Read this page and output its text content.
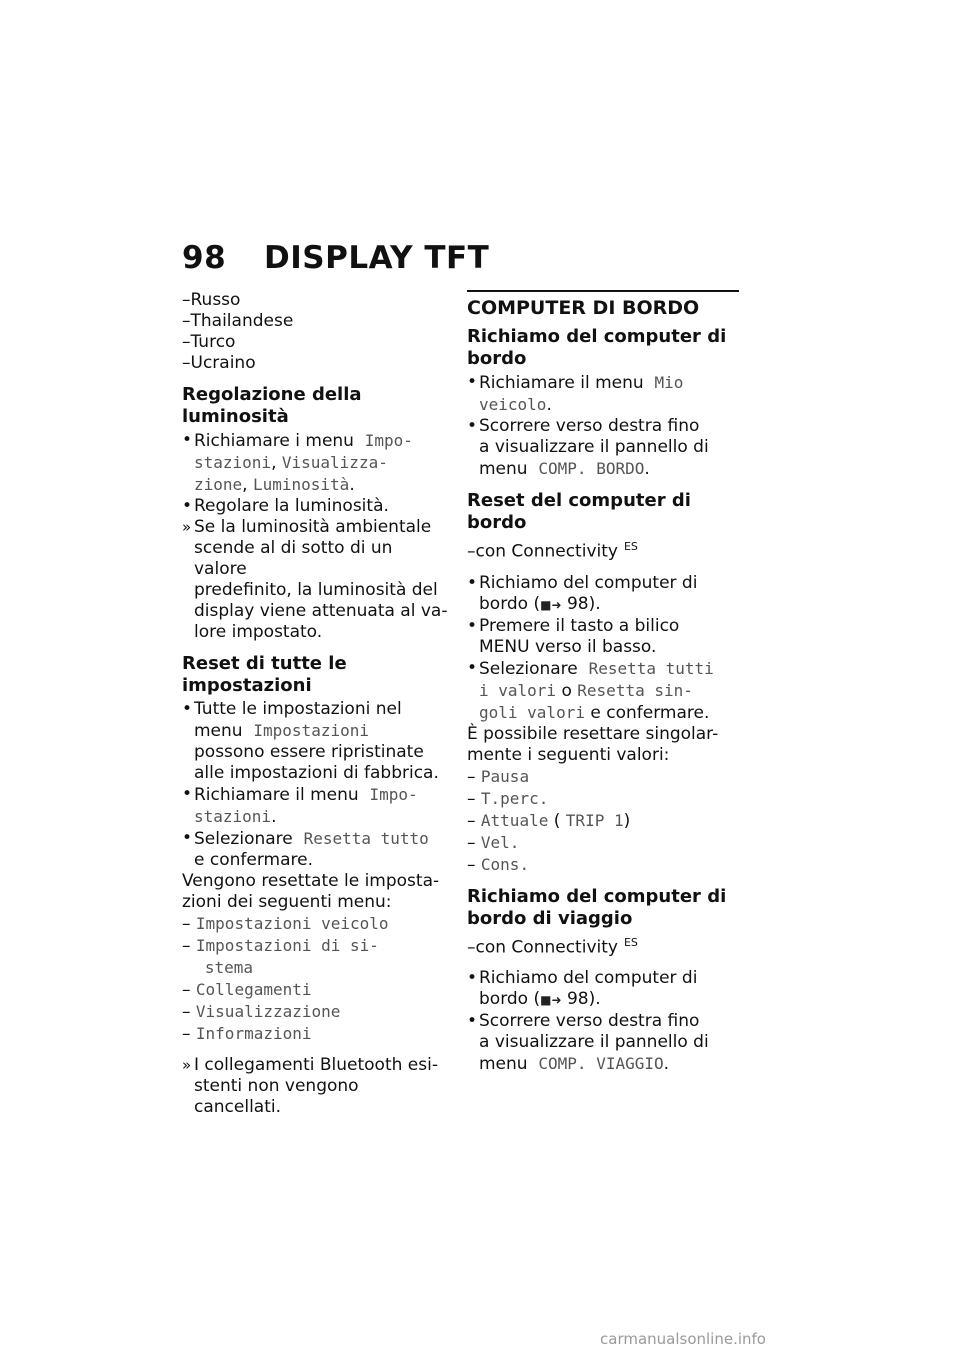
98 DISPLAY TFT
–Russo
–Thailandese
–Turco
–Ucraino
Regolazione della luminosità
• Richiamare i menu Impo-
stazioni, Visualizza-
zione, Luminosità.
• Regolare la luminosità.
» Se la luminosità ambientale
scende al di sotto di un valore
predefinito, la luminosità del
display viene attenuata al va-
lore impostato.
Reset di tutte le impostazioni
• Tutte le impostazioni nel
menu Impostazioni
possono essere ripristinate
alle impostazioni di fabbrica.
• Richiamare il menu Impo-
stazioni.
• Selezionare Resetta tutto
e confermare.
Vengono resettate le imposta-
zioni dei seguenti menu:
– Impostazioni veicolo
– Impostazioni di si-
stema
– Collegamenti
– Visualizzazione
– Informazioni
» I collegamenti Bluetooth esi-
stenti non vengono cancellati.
COMPUTER DI BORDO
Richiamo del computer di
bordo
• Richiamare il menu Mio
veicolo.
• Scorrere verso destra fino
a visualizzare il pannello di
menu COMP. BORDO.
Reset del computer di bordo
–con Connectivity $^{ES}$
• Richiamo del computer di
bordo (■➜ 98).
• Premere il tasto a bilico
MENU verso il basso.
• Selezionare Resetta tutti
i valori o Resetta sin-
goli valori e confermare.
È possibile resettare singolar-
mente i seguenti valori:
– Pausa
– T.perc.
– Attuale ( TRIP 1)
– Vel.
– Cons.
Richiamo del computer di
bordo di viaggio
–con Connectivity $^{ES}$
• Richiamo del computer di
bordo (■➜ 98).
• Scorrere verso destra fino
a visualizzare il pannello di
menu COMP. VIAGGIO.
carmanualsonline.info
